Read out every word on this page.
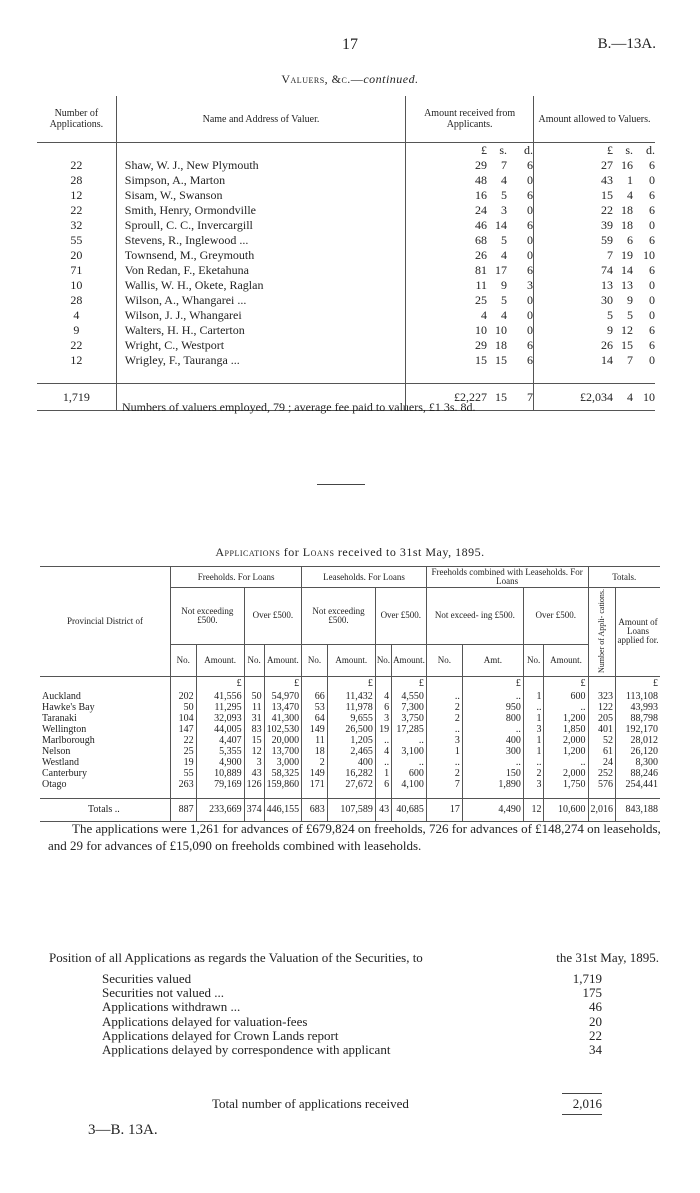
17	B.—13A.
Valuers, &c.—continued.
Number of Applications.	Name and Address of Valuer.	Amount received from Applicants.	Amount allowed to Valuers.

		£ s. d.	£ s. d.

22	Shaw, W. J., New Plymouth	29 7 6	27 16 6

28	Simpson, A., Marton	48 4 0	43 1 0

12	Sisam, W., Swanson	16 5 6	15 4 6

22	Smith, Henry, Ormondville	24 3 0	22 18 6

32	Sproull, C. C., Invercargill	46 14 6	39 18 0

55	Stevens, R., Inglewood ...	68 5 0	59 6 6

20	Townsend, M., Greymouth	26 4 0	7 19 10

71	Von Redan, F., Eketahuna	81 17 6	74 14 6

10	Wallis, W. H., Okete, Raglan	11 9 3	13 13 0

28	Wilson, A., Whangarei ...	25 5 0	30 9 0

4	Wilson, J. J., Whangarei	4 4 0	5 5 0

9	Walters, H. H., Carterton	10 10 0	9 12 6

22	Wright, C., Westport	29 18 6	26 15 6

12	Wrigley, F., Tauranga ...	15 15 6	14 7 0

1,719		£2,227 15 7	£2,034 4 10
Numbers of valuers employed, 79 ; average fee paid to valuers, £1 3s. 8d.
Applications for Loans received to 31st May, 1895.
Provincial District of	Freeholds. For Loans				Leaseholds. For Loans				Freeholds combined with Leaseholds. For Loans				Totals.	
	Not exceeding £500.		Over £500.		Not exceeding £500.		Over £500.		Not exceed- ing £500.		Over £500.		Number of Appli- cations.	Amount of Loans applied for.
	No.	Amount.	No.	Amount.	No.	Amount.	No.	Amount.	No.	Amt.	No.	Amount.		
		£		£		£		£		£		£		£
Auckland	202	41,556	50	54,970	66	11,432	4	4,550	..	..	1	600	323	113,108
Hawke's Bay	50	11,295	11	13,470	53	11,978	6	7,300	2	950	..	..	122	43,993
Taranaki	104	32,093	31	41,300	64	9,655	3	3,750	2	800	1	1,200	205	88,798
Wellington	147	44,005	83	102,530	149	26,500	19	17,285	..	..	3	1,850	401	192,170
Marlborough	22	4,407	15	20,000	11	1,205	..	..	3	400	1	2,000	52	28,012
Nelson	25	5,355	12	13,700	18	2,465	4	3,100	1	300	1	1,200	61	26,120
Westland	19	4,900	3	3,000	2	400	..	..	..	..	..	..	24	8,300
Canterbury	55	10,889	43	58,325	149	16,282	1	600	2	150	2	2,000	252	88,246
Otago	263	79,169	126	159,860	171	27,672	6	4,100	7	1,890	3	1,750	576	254,441

Totals ..	887	233,669	374	446,155	683	107,589	43	40,685	17	4,490	12	10,600	2,016	843,188
The applications were 1,261 for advances of £679,824 on freeholds, 726 for advances of £148,274 on leaseholds, and 29 for advances of £15,090 on freeholds combined with leaseholds.
Position of all Applications as regards the Valuation of the Securities, to	the 31st May, 1895.
Securities valued	1,719
Securities not valued ...	175
Applications withdrawn ...	46
Applications delayed for valuation-fees	20
Applications delayed for Crown Lands report	22
Applications delayed by correspondence with applicant	34
Total number of applications received	2,016
3—B. 13A.
